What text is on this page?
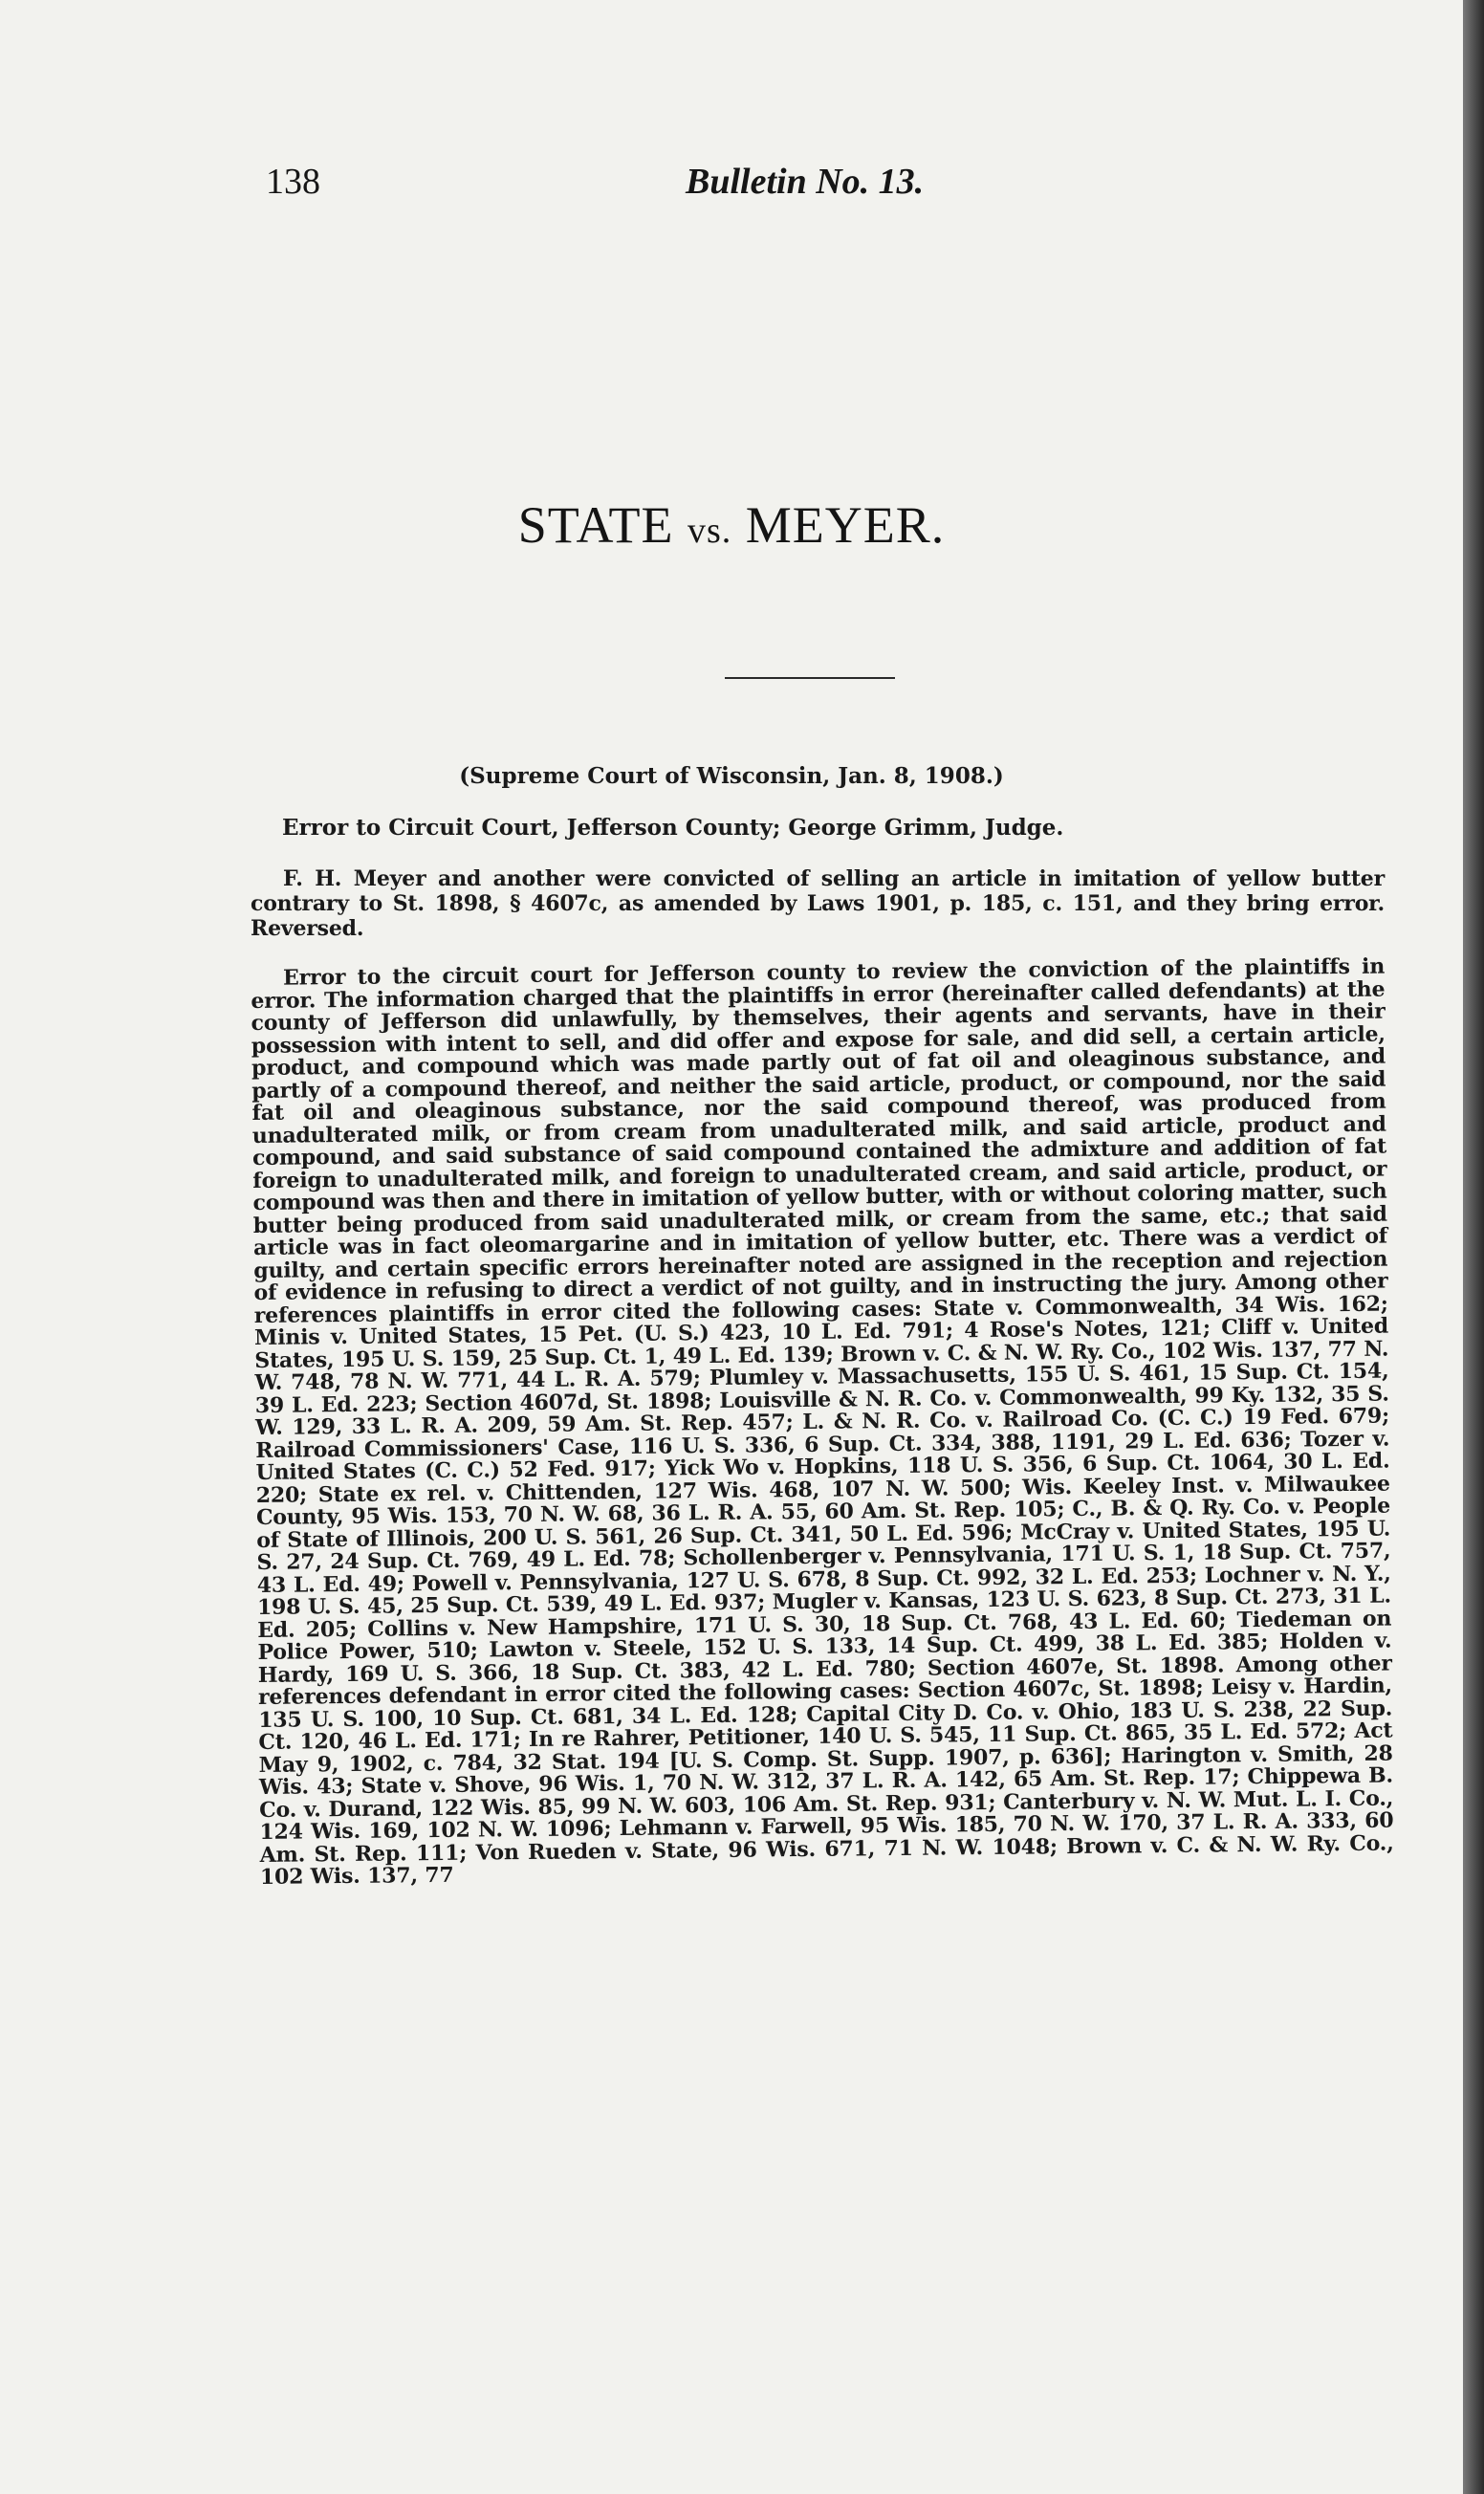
138	Bulletin No. 13.
STATE vs. MEYER.
(Supreme Court of Wisconsin, Jan. 8, 1908.)
Error to Circuit Court, Jefferson County; George Grimm, Judge.
F. H. Meyer and another were convicted of selling an article in imitation of yellow butter contrary to St. 1898, § 4607c, as amended by Laws 1901, p. 185, c. 151, and they bring error. Reversed.
Error to the circuit court for Jefferson county to review the conviction of the plaintiffs in error. The information charged that the plaintiffs in error (hereinafter called defendants) at the county of Jefferson did unlawfully, by themselves, their agents and servants, have in their possession with intent to sell, and did offer and expose for sale, and did sell, a certain article, product, and compound which was made partly out of fat oil and oleaginous substance, and partly of a compound thereof, and neither the said article, product, or compound, nor the said fat oil and oleaginous substance, nor the said compound thereof, was produced from unadulterated milk, or from cream from unadulterated milk, and said article, product and compound, and said substance of said compound contained the admixture and addition of fat foreign to unadulterated milk, and foreign to unadulterated cream, and said article, product, or compound was then and there in imitation of yellow butter, with or without coloring matter, such butter being produced from said unadulterated milk, or cream from the same, etc.; that said article was in fact oleomargarine and in imitation of yellow butter, etc. There was a verdict of guilty, and certain specific errors hereinafter noted are assigned in the reception and rejection of evidence in refusing to direct a verdict of not guilty, and in instructing the jury. Among other references plaintiffs in error cited the following cases: State v. Commonwealth, 34 Wis. 162; Minis v. United States, 15 Pet. (U. S.) 423, 10 L. Ed. 791; 4 Rose's Notes, 121; Cliff v. United States, 195 U. S. 159, 25 Sup. Ct. 1, 49 L. Ed. 139; Brown v. C. & N. W. Ry. Co., 102 Wis. 137, 77 N. W. 748, 78 N. W. 771, 44 L. R. A. 579; Plumley v. Massachusetts, 155 U. S. 461, 15 Sup. Ct. 154, 39 L. Ed. 223; Section 4607d, St. 1898; Louisville & N. R. Co. v. Commonwealth, 99 Ky. 132, 35 S. W. 129, 33 L. R. A. 209, 59 Am. St. Rep. 457; L. & N. R. Co. v. Railroad Co. (C. C.) 19 Fed. 679; Railroad Commissioners' Case, 116 U. S. 336, 6 Sup. Ct. 334, 388, 1191, 29 L. Ed. 636; Tozer v. United States (C. C.) 52 Fed. 917; Yick Wo v. Hopkins, 118 U. S. 356, 6 Sup. Ct. 1064, 30 L. Ed. 220; State ex rel. v. Chittenden, 127 Wis. 468, 107 N. W. 500; Wis. Keeley Inst. v. Milwaukee County, 95 Wis. 153, 70 N. W. 68, 36 L. R. A. 55, 60 Am. St. Rep. 105; C., B. & Q. Ry. Co. v. People of State of Illinois, 200 U. S. 561, 26 Sup. Ct. 341, 50 L. Ed. 596; McCray v. United States, 195 U. S. 27, 24 Sup. Ct. 769, 49 L. Ed. 78; Schollenberger v. Pennsylvania, 171 U. S. 1, 18 Sup. Ct. 757, 43 L. Ed. 49; Powell v. Pennsylvania, 127 U. S. 678, 8 Sup. Ct. 992, 32 L. Ed. 253; Lochner v. N. Y., 198 U. S. 45, 25 Sup. Ct. 539, 49 L. Ed. 937; Mugler v. Kansas, 123 U. S. 623, 8 Sup. Ct. 273, 31 L. Ed. 205; Collins v. New Hampshire, 171 U. S. 30, 18 Sup. Ct. 768, 43 L. Ed. 60; Tiedeman on Police Power, 510; Lawton v. Steele, 152 U. S. 133, 14 Sup. Ct. 499, 38 L. Ed. 385; Holden v. Hardy, 169 U. S. 366, 18 Sup. Ct. 383, 42 L. Ed. 780; Section 4607e, St. 1898. Among other references defendant in error cited the following cases: Section 4607c, St. 1898; Leisy v. Hardin, 135 U. S. 100, 10 Sup. Ct. 681, 34 L. Ed. 128; Capital City D. Co. v. Ohio, 183 U. S. 238, 22 Sup. Ct. 120, 46 L. Ed. 171; In re Rahrer, Petitioner, 140 U. S. 545, 11 Sup. Ct. 865, 35 L. Ed. 572; Act May 9, 1902, c. 784, 32 Stat. 194 [U. S. Comp. St. Supp. 1907, p. 636]; Harington v. Smith, 28 Wis. 43; State v. Shove, 96 Wis. 1, 70 N. W. 312, 37 L. R. A. 142, 65 Am. St. Rep. 17; Chippewa B. Co. v. Durand, 122 Wis. 85, 99 N. W. 603, 106 Am. St. Rep. 931; Canterbury v. N. W. Mut. L. I. Co., 124 Wis. 169, 102 N. W. 1096; Lehmann v. Farwell, 95 Wis. 185, 70 N. W. 170, 37 L. R. A. 333, 60 Am. St. Rep. 111; Von Rueden v. State, 96 Wis. 671, 71 N. W. 1048; Brown v. C. & N. W. Ry. Co., 102 Wis. 137, 77
